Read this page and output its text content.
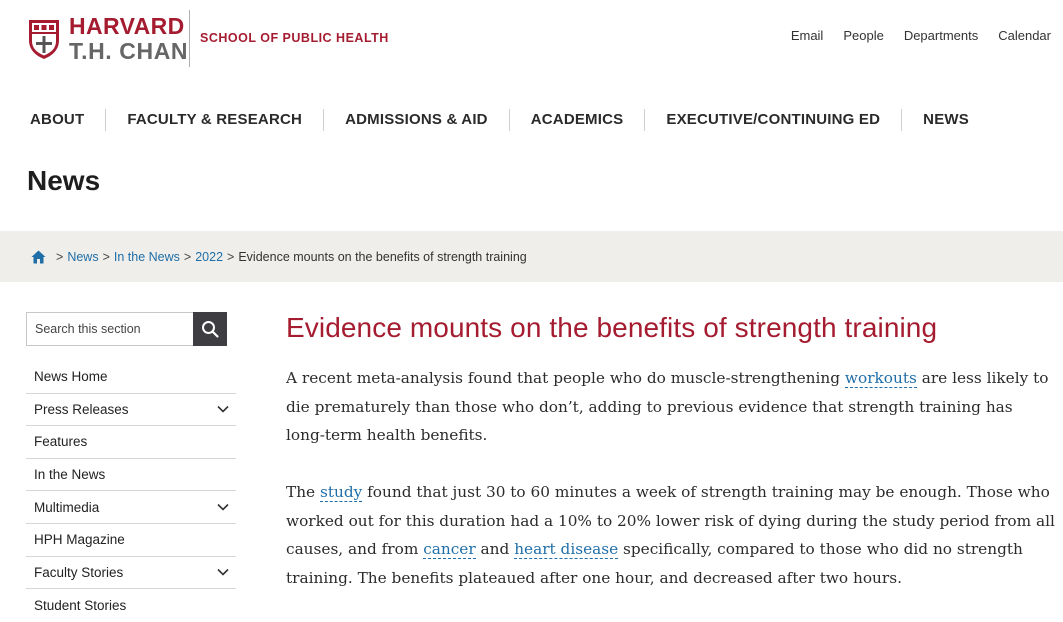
HARVARD
T.H. CHAN SCHOOL OF PUBLIC HEALTH	Email People Departments Calendar
ABOUT	FACULTY & RESEARCH	ADMISSIONS & AID	ACADEMICS	EXECUTIVE/CONTINUING ED	NEWS
News
> News > In the News > 2022 > Evidence mounts on the benefits of strength training
Search this section
News Home
Press Releases
Features
In the News
Multimedia
HPH Magazine
Faculty Stories
Student Stories
Evidence mounts on the benefits of strength training

A recent meta-analysis found that people who do muscle-strengthening workouts are less likely to die prematurely than those who don’t, adding to previous evidence that strength training has long-term health benefits.

The study found that just 30 to 60 minutes a week of strength training may be enough. Those who worked out for this duration had a 10% to 20% lower risk of dying during the study period from all causes, and from cancer and heart disease specifically, compared to those who did no strength training. The benefits plateaued after one hour, and decreased after two hours.
